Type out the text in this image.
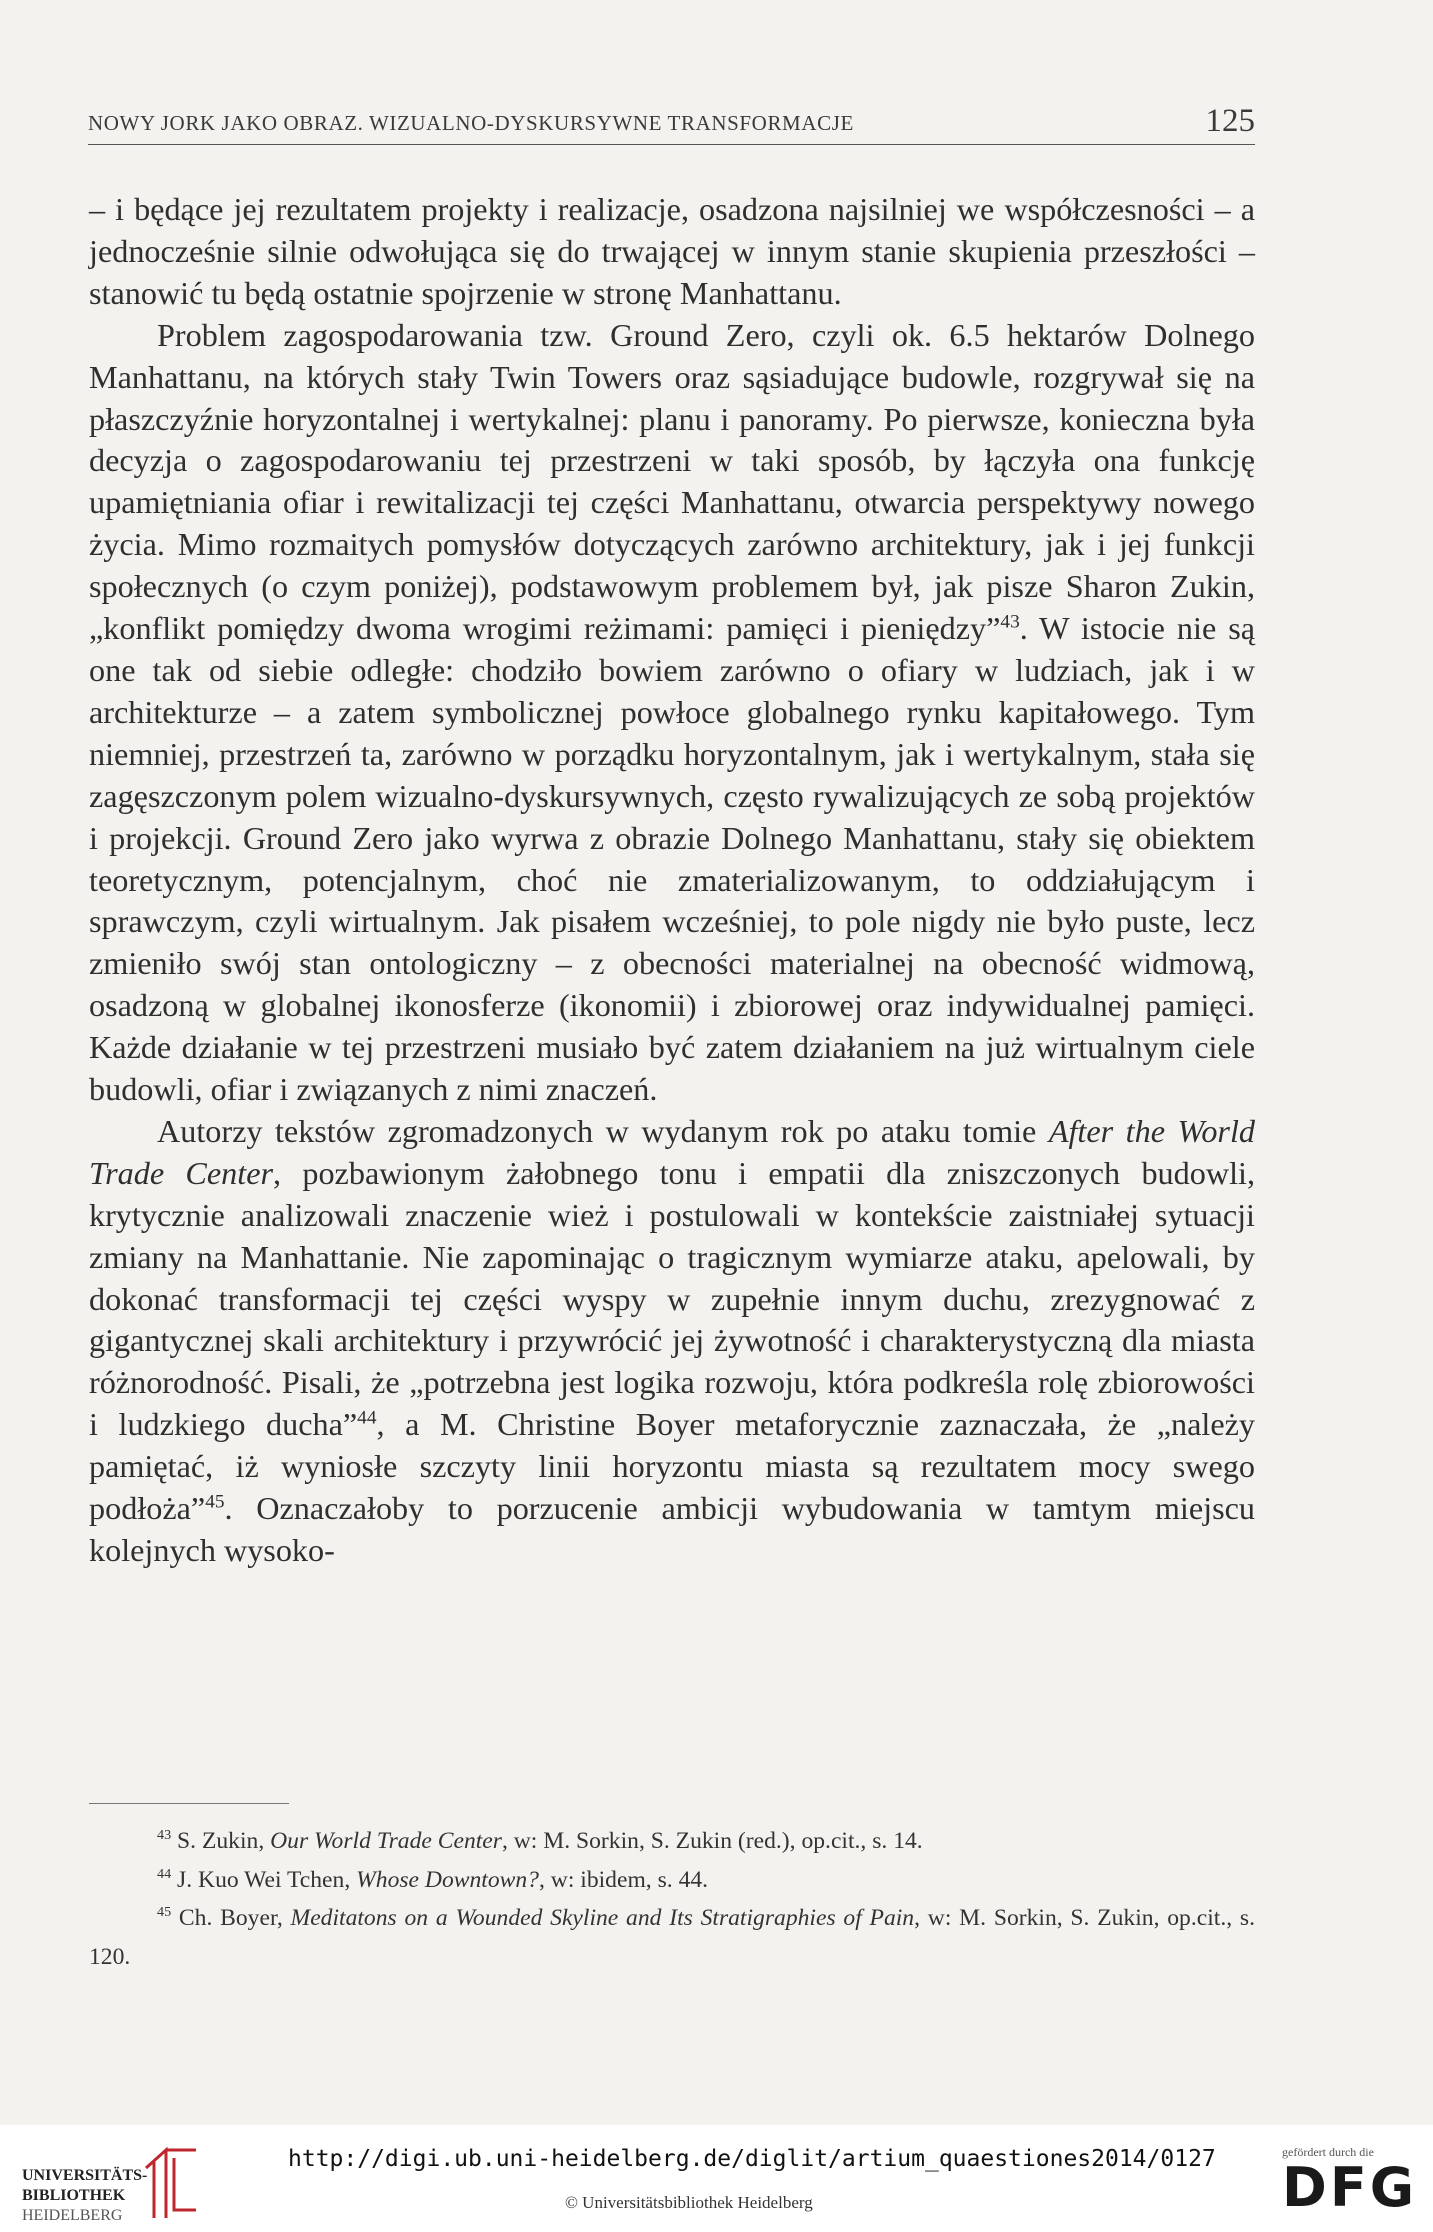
NOWY JORK JAKO OBRAZ. WIZUALNO-DYSKURSYWNE TRANSFORMACJE	125

– i będące jej rezultatem projekty i realizacje, osadzona najsilniej we współczesności – a jednocześnie silnie odwołująca się do trwającej w innym stanie skupienia przeszłości – stanowić tu będą ostatnie spojrzenie w stronę Manhattanu.

Problem zagospodarowania tzw. Ground Zero, czyli ok. 6.5 hektarów Dolnego Manhattanu, na których stały Twin Towers oraz sąsiadujące budowle, rozgrywał się na płaszczyźnie horyzontalnej i wertykalnej: planu i panoramy. Po pierwsze, konieczna była decyzja o zagospodarowaniu tej przestrzeni w taki sposób, by łączyła ona funkcję upamiętniania ofiar i rewitalizacji tej części Manhattanu, otwarcia perspektywy nowego życia. Mimo rozmaitych pomysłów dotyczących zarówno architektury, jak i jej funkcji społecznych (o czym poniżej), podstawowym problemem był, jak pisze Sharon Zukin, „konflikt pomiędzy dwoma wrogimi reżimami: pamięci i pieniędzy”$^{43}$. W istocie nie są one tak od siebie odległe: chodziło bowiem zarówno o ofiary w ludziach, jak i w architekturze – a zatem symbolicznej powłoce globalnego rynku kapitałowego. Tym niemniej, przestrzeń ta, zarówno w porządku horyzontalnym, jak i wertykalnym, stała się zagęszczonym polem wizualno-dyskursywnych, często rywalizujących ze sobą projektów i projekcji. Ground Zero jako wyrwa z obrazie Dolnego Manhattanu, stały się obiektem teoretycznym, potencjalnym, choć nie zmaterializowanym, to oddziałującym i sprawczym, czyli wirtualnym. Jak pisałem wcześniej, to pole nigdy nie było puste, lecz zmieniło swój stan ontologiczny – z obecności materialnej na obecność widmową, osadzoną w globalnej ikonosferze (ikonomii) i zbiorowej oraz indywidualnej pamięci. Każde działanie w tej przestrzeni musiało być zatem działaniem na już wirtualnym ciele budowli, ofiar i związanych z nimi znaczeń.

Autorzy tekstów zgromadzonych w wydanym rok po ataku tomie After the World Trade Center, pozbawionym żałobnego tonu i empatii dla zniszczonych budowli, krytycznie analizowali znaczenie wież i postulowali w kontekście zaistniałej sytuacji zmiany na Manhattanie. Nie zapominając o tragicznym wymiarze ataku, apelowali, by dokonać transformacji tej części wyspy w zupełnie innym duchu, zrezygnować z gigantycznej skali architektury i przywrócić jej żywotność i charakterystyczną dla miasta różnorodność. Pisali, że „potrzebna jest logika rozwoju, która podkreśla rolę zbiorowości i ludzkiego ducha”$^{44}$, a M. Christine Boyer metaforycznie zaznaczała, że „należy pamiętać, iż wyniosłe szczyty linii horyzontu miasta są rezultatem mocy swego podłoża”$^{45}$. Oznaczałoby to porzucenie ambicji wybudowania w tamtym miejscu kolejnych wysoko-

$^{43}$ S. Zukin, Our World Trade Center, w: M. Sorkin, S. Zukin (red.), op.cit., s. 14.

$^{44}$ J. Kuo Wei Tchen, Whose Downtown?, w: ibidem, s. 44.

$^{45}$ Ch. Boyer, Meditatons on a Wounded Skyline and Its Stratigraphies of Pain, w: M. Sorkin, S. Zukin, op.cit., s. 120.

UNIVERSITÄTS-
BIBLIOTHEK
HEIDELBERG
http://digi.ub.uni-heidelberg.de/diglit/artium_quaestiones2014/0127
© Universitätsbibliothek Heidelberg
gefördert durch die
DFG
